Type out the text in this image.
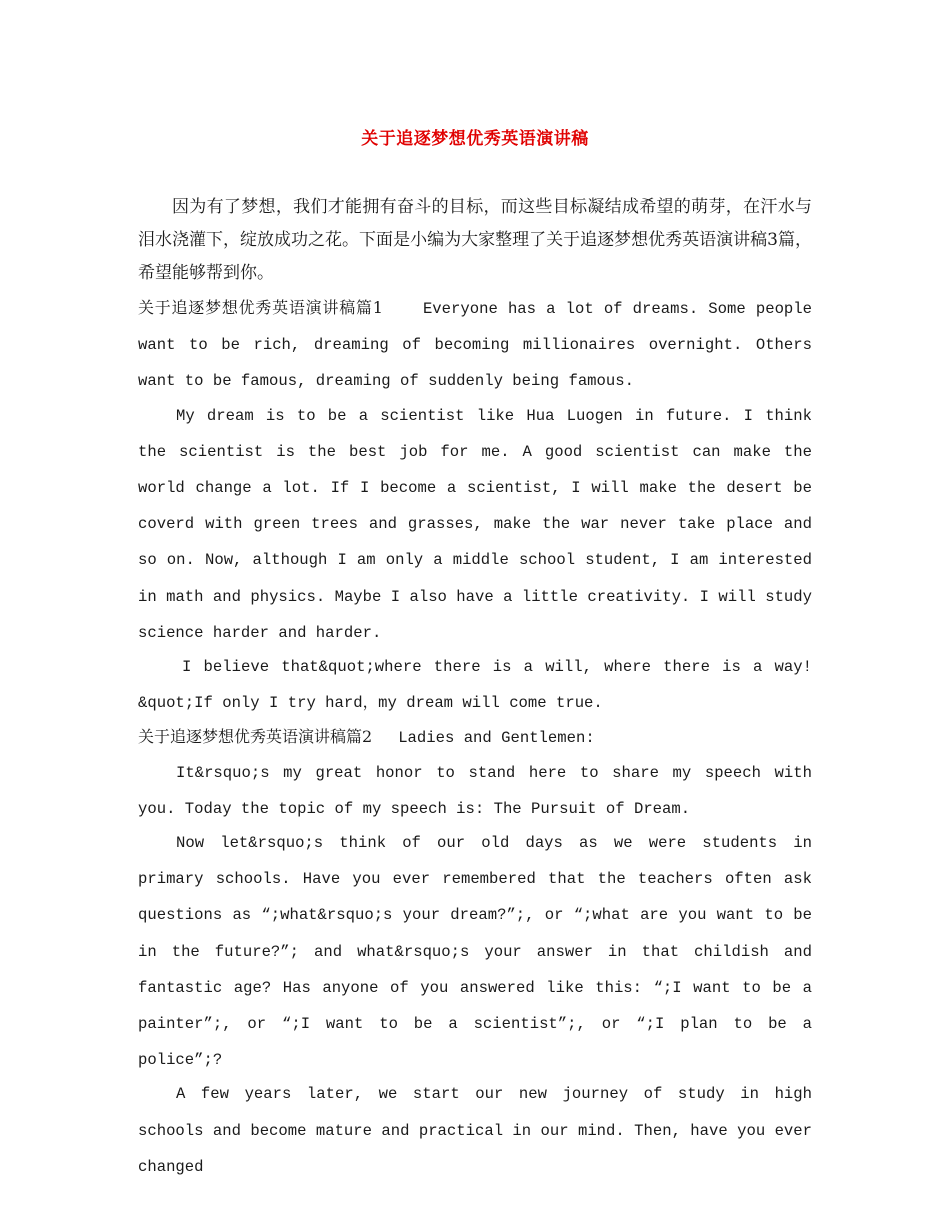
关于追逐梦想优秀英语演讲稿

因为有了梦想，我们才能拥有奋斗的目标，而这些目标凝结成希望的萌芽，在汗水与泪水浇灌下，绽放成功之花。下面是小编为大家整理了关于追逐梦想优秀英语演讲稿3篇，希望能够帮到你。

关于追逐梦想优秀英语演讲稿篇1	Everyone has a lot of dreams. Some people want to be rich, dreaming of becoming millionaires overnight. Others want to be famous, dreaming of suddenly being famous.

My dream is to be a scientist like Hua Luogen in future. I think the scientist is the best job for me. A good scientist can make the world change a lot. If I become a scientist, I will make the desert be coverd with green trees and grasses, make the war never take place and so on. Now, although I am only a middle school student, I am interested in math and physics. Maybe I also have a little creativity. I will study science harder and harder.

I believe that&quot;where there is a will, where there is a way! &quot;If only I try hard，my dream will come true.

关于追逐梦想优秀英语演讲稿篇2 Ladies and Gentlemen:

It&rsquo;s my great honor to stand here to share my speech with you. Today the topic of my speech is: The Pursuit of Dream.

Now let&rsquo;s think of our old days as we were students in primary schools. Have you ever remembered that the teachers often ask questions as “;what&rsquo;s your dream?”;, or “;what are you want to be in the future?”; and what&rsquo;s your answer in that childish and fantastic age? Has anyone of you answered like this: “;I want to be a painter”;, or “;I want to be a scientist”;, or “;I plan to be a police”;?

A few years later, we start our new journey of study in high schools and become mature and practical in our mind. Then, have you ever changed
